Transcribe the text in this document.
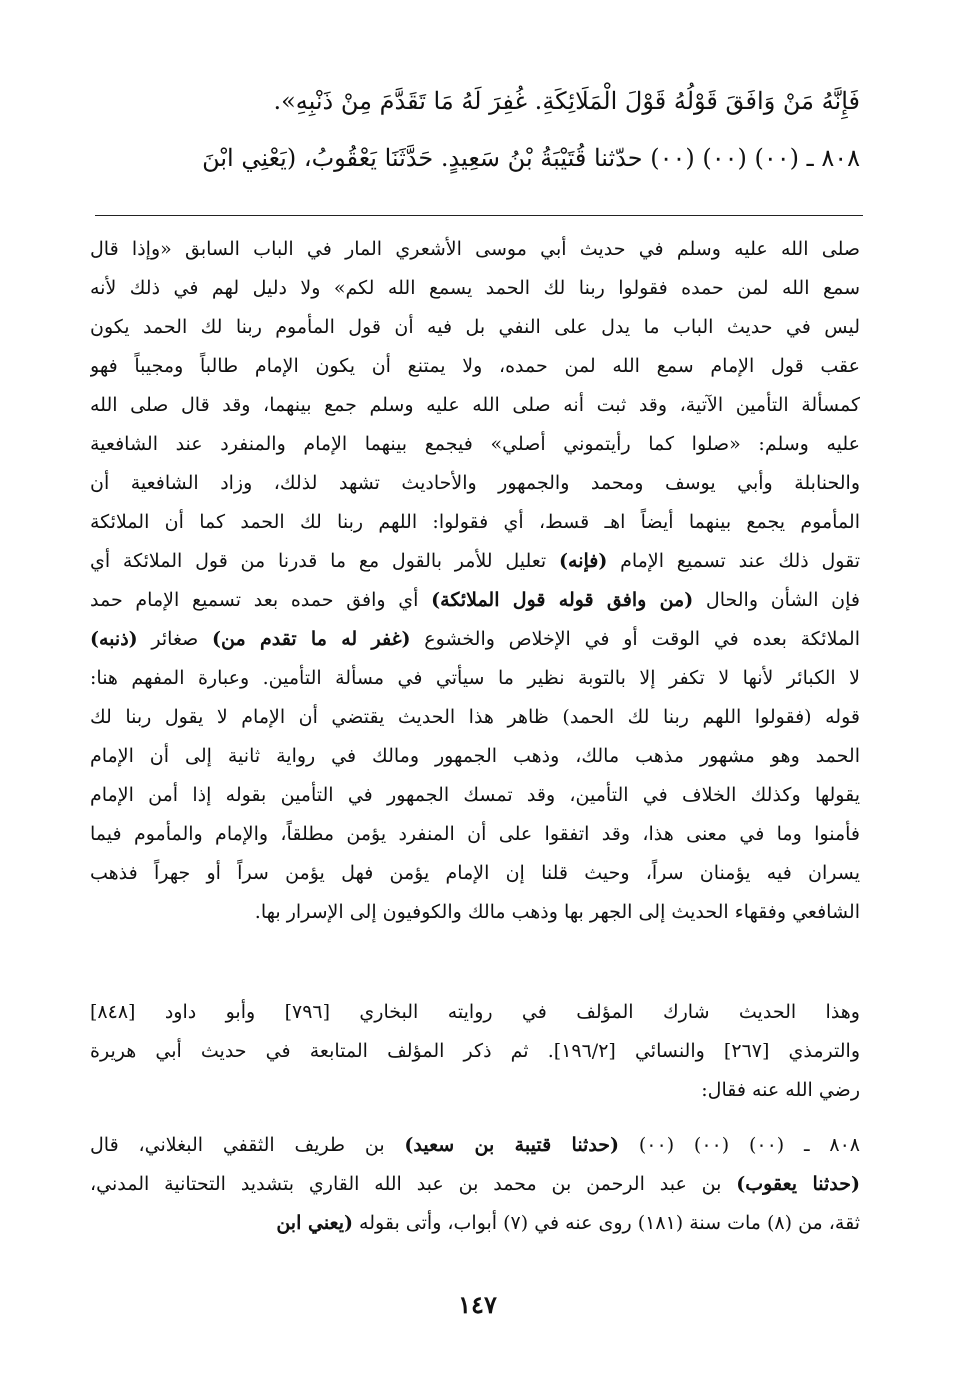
فَإِنَّهُ مَنْ وَافَقَ قَوْلُهُ قَوْلَ الْمَلَائِكَةِ. غُفِرَ لَهُ مَا تَقَدَّمَ مِنْ ذَنْبِهِ».

٨٠٨ ـ (٠٠) (٠٠) (٠٠) حدّثنا قُتَيْبَةُ بْنُ سَعِيدٍ. حَدَّثَنَا يَعْقُوبُ، (يَعْنِي ابْنَ

صلى الله عليه وسلم في حديث أبي موسى الأشعري المار في الباب السابق «وإذا قال
سمع الله لمن حمده فقولوا ربنا لك الحمد يسمع الله لكم» ولا دليل لهم في ذلك لأنه
ليس في حديث الباب ما يدل على النفي بل فيه أن قول المأموم ربنا لك الحمد يكون
عقب قول الإمام سمع الله لمن حمده، ولا يمتنع أن يكون الإمام طالباً ومجيباً فهو
كمسألة التأمين الآتية، وقد ثبت أنه صلى الله عليه وسلم جمع بينهما، وقد قال صلى الله
عليه وسلم: «صلوا كما رأيتموني أصلي» فيجمع بينهما الإمام والمنفرد عند الشافعية
والحنابلة وأبي يوسف ومحمد والجمهور والأحاديث تشهد لذلك، وزاد الشافعية أن
المأموم يجمع بينهما أيضاً اهـ قسط، أي فقولوا: اللهم ربنا لك الحمد كما أن الملائكة
تقول ذلك عند تسميع الإمام (فإنه) تعليل للأمر بالقول مع ما قدرنا من قول الملائكة أي
فإن الشأن والحال (من وافق قوله قول الملائكة) أي وافق حمده بعد تسميع الإمام حمد
الملائكة بعده في الوقت أو في الإخلاص والخشوع (غفر له ما تقدم من) صغائر (ذنبه)
لا الكبائر لأنها لا تكفر إلا بالتوبة نظير ما سيأتي في مسألة التأمين. وعبارة المفهم هنا:
قوله (فقولوا اللهم ربنا لك الحمد) ظاهر هذا الحديث يقتضي أن الإمام لا يقول ربنا لك
الحمد وهو مشهور مذهب مالك، وذهب الجمهور ومالك في رواية ثانية إلى أن الإمام
يقولها وكذلك الخلاف في التأمين، وقد تمسك الجمهور في التأمين بقوله إذا أمن الإمام
فأمنوا وما في معنى هذا، وقد اتفقوا على أن المنفرد يؤمن مطلقاً، والإمام والمأموم فيما
يسران فيه يؤمنان سراً، وحيث قلنا إن الإمام يؤمن فهل يؤمن سراً أو جهراً فذهب
الشافعي وفقهاء الحديث إلى الجهر بها وذهب مالك والكوفيون إلى الإسرار بها.
وهذا الحديث شارك المؤلف في روايته البخاري [٧٩٦] وأبو داود [٨٤٨]
والترمذي [٢٦٧] والنسائي [١٩٦/٢]. ثم ذكر المؤلف المتابعة في حديث أبي هريرة
رضي الله عنه فقال:
٨٠٨ ـ (٠٠) (٠٠) (٠٠) (حدثنا قتيبة بن سعيد) بن طريف الثقفي البغلاني، قال
(حدثنا يعقوب) بن عبد الرحمن بن محمد بن عبد الله القاري بتشديد التحتانية المدني،
ثقة، من (٨) مات سنة (١٨١) روى عنه في (٧) أبواب، وأتى بقوله (يعني ابن
١٤٧
